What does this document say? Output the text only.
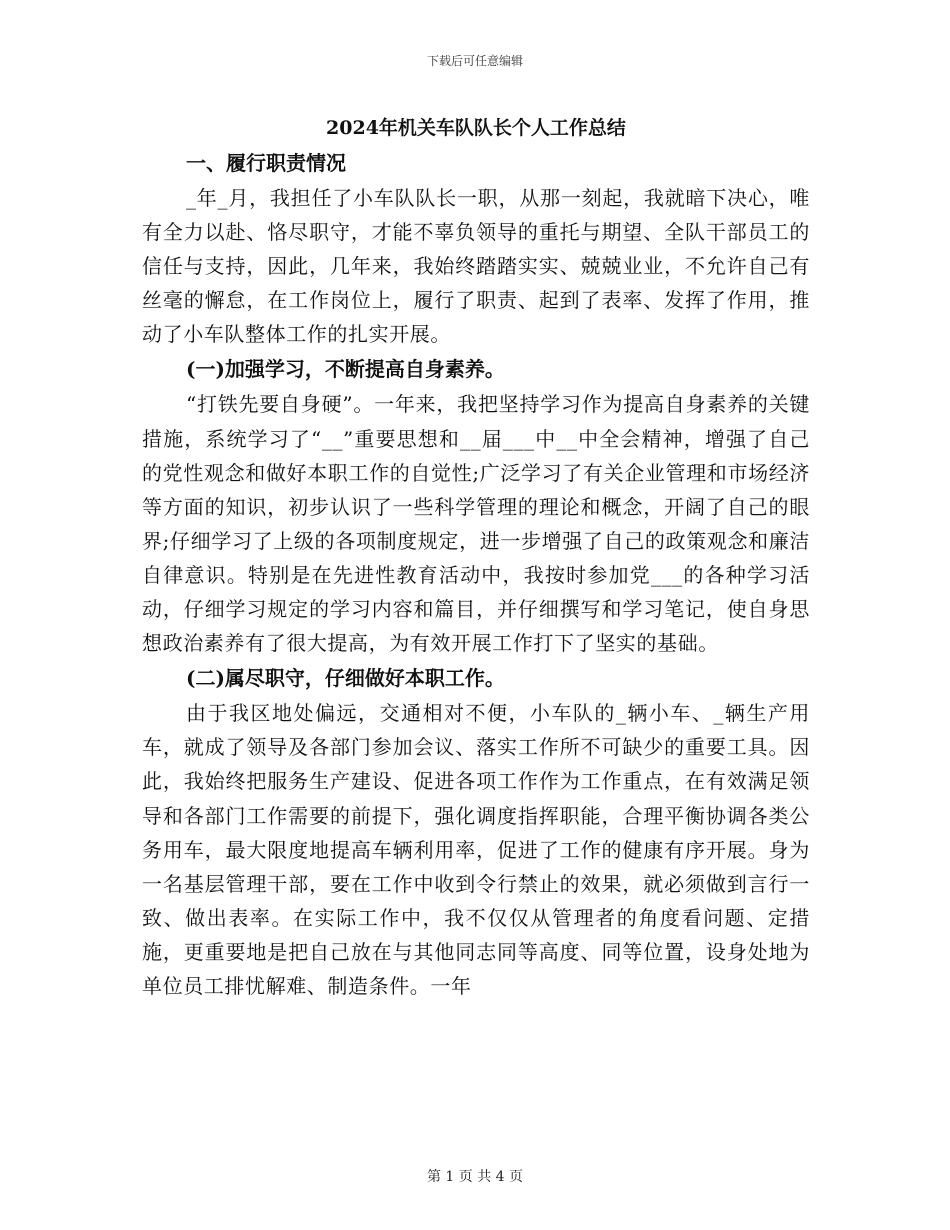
下载后可任意编辑
2024年机关车队队长个人工作总结
一、履行职责情况

_年_月，我担任了小车队队长一职，从那一刻起，我就暗下决心，唯有全力以赴、恪尽职守，才能不辜负领导的重托与期望、全队干部员工的信任与支持，因此，几年来，我始终踏踏实实、兢兢业业，不允许自己有丝毫的懈怠，在工作岗位上，履行了职责、起到了表率、发挥了作用，推动了小车队整体工作的扎实开展。

(一)加强学习，不断提高自身素养。

“打铁先要自身硬”。一年来，我把坚持学习作为提高自身素养的关键措施，系统学习了“__”重要思想和__届___中__中全会精神，增强了自己的党性观念和做好本职工作的自觉性;广泛学习了有关企业管理和市场经济等方面的知识，初步认识了一些科学管理的理论和概念，开阔了自己的眼界;仔细学习了上级的各项制度规定，进一步增强了自己的政策观念和廉洁自律意识。特别是在先进性教育活动中，我按时参加党___的各种学习活动，仔细学习规定的学习内容和篇目，并仔细撰写和学习笔记，使自身思想政治素养有了很大提高，为有效开展工作打下了坚实的基础。

(二)属尽职守，仔细做好本职工作。

由于我区地处偏远，交通相对不便，小车队的_辆小车、_辆生产用车，就成了领导及各部门参加会议、落实工作所不可缺少的重要工具。因此，我始终把服务生产建设、促进各项工作作为工作重点，在有效满足领导和各部门工作需要的前提下，强化调度指挥职能，合理平衡协调各类公务用车，最大限度地提高车辆利用率，促进了工作的健康有序开展。身为一名基层管理干部，要在工作中收到令行禁止的效果，就必须做到言行一致、做出表率。在实际工作中，我不仅仅从管理者的角度看问题、定措施，更重要地是把自己放在与其他同志同等高度、同等位置，设身处地为单位员工排忧解难、制造条件。一年

第 1 页 共 4 页
